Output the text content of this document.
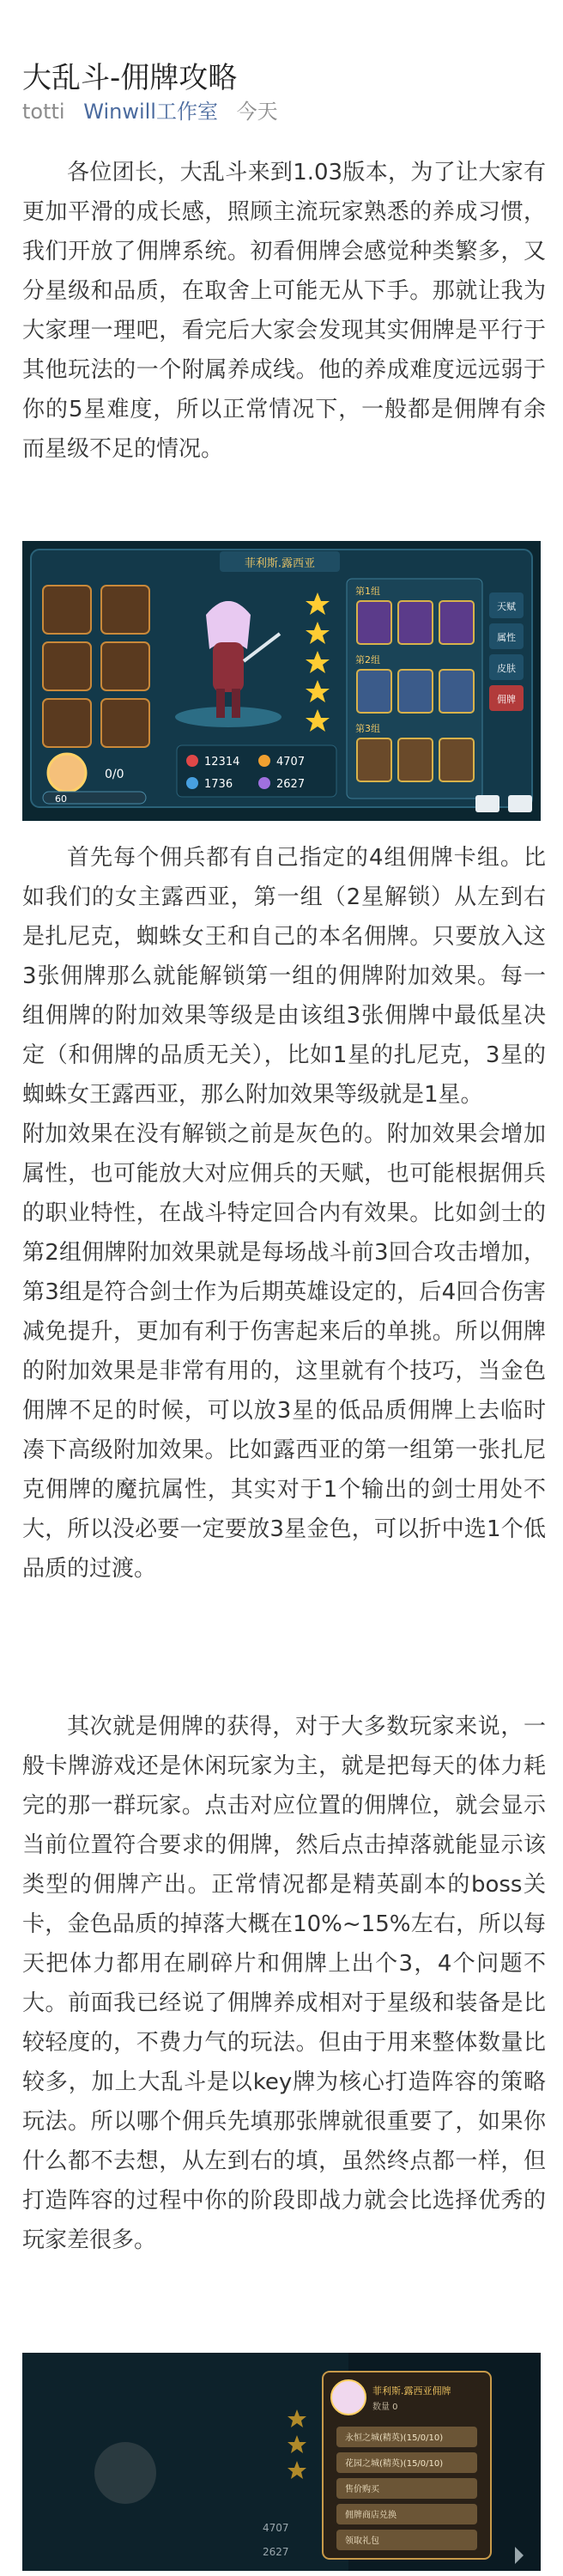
大乱斗-佣牌攻略
totti Winwill工作室 今天

各位团长，大乱斗来到1.03版本，为了让大家有更加平滑的成长感，照顾主流玩家熟悉的养成习惯，我们开放了佣牌系统。初看佣牌会感觉种类繁多，又分星级和品质，在取舍上可能无从下手。那就让我为大家理一理吧，看完后大家会发现其实佣牌是平行于其他玩法的一个附属养成线。他的养成难度远远弱于你的5星难度，所以正常情况下，一般都是佣牌有余而星级不足的情况。

菲利斯.露西亚
0/0
60
12314	4707
1736	2627
第1组
第2组
第3组
天赋
属性
皮肤
佣牌

首先每个佣兵都有自己指定的4组佣牌卡组。比如我们的女主露西亚，第一组（2星解锁）从左到右是扎尼克，蜘蛛女王和自己的本名佣牌。只要放入这3张佣牌那么就能解锁第一组的佣牌附加效果。每一组佣牌的附加效果等级是由该组3张佣牌中最低星决定（和佣牌的品质无关），比如1星的扎尼克，3星的蜘蛛女王 露西亚，那么附加效果等级就是1星。

附加效果在没有解锁之前是灰色的。附加效果会增加属性，也可能放大对应佣兵的天赋，也可能根据佣兵的职业特性，在战斗特定回合内有效果。比如剑士的第2组佣牌附加效果就是每场战斗前3回合攻击增加，第3组是符合剑士作为后期英雄设定的，后4回合伤害减免提升，更加有利于伤害起来后的单挑。所以佣牌的附加效果是非常有用的，这里就有个技巧，当金色佣牌不足的时候，可以放3星的低品质佣牌上去临时凑下高级附加效果。比如露西亚的第一组第一张扎尼克佣牌的魔抗属性，其实对于1个输出的剑士用处不大，所以没必要一定要放3星金色，可以折中选1个低品质的过渡。

其次就是佣牌的获得，对于大多数玩家来说，一般卡牌游戏还是休闲玩家为主，就是把每天的体力耗完的那一群玩家。点击对应位置的佣牌位，就会显示当前位置符合要求的佣牌，然后点击掉落就能显示该类型的佣牌产出。正常情况都是精英副本的boss关卡，金色品质的掉落大概在10%~15%左右，所以每天把体力都用在刷碎片和佣牌上出个3，4个问题不大。前面我已经说了佣牌养成相对于星级和装备是比较轻度的，不费力气的玩法。但由于用来整体数量比较多，加上大乱斗是以key牌为核心打造阵容的策略玩法。所以哪个佣兵先填那张牌就很重要了，如果你什么都不去想，从左到右的填，虽然终点都一样，但打造阵容的过程中你的阶段即战力就会比选择优秀的玩家差很多。

4707
2627
菲利斯.露西亚佣牌
数量 0
永恒之城(精英)(15/0/10)
花园之城(精英)(15/0/10)
售价购买
佣牌商店兑换
领取礼包
